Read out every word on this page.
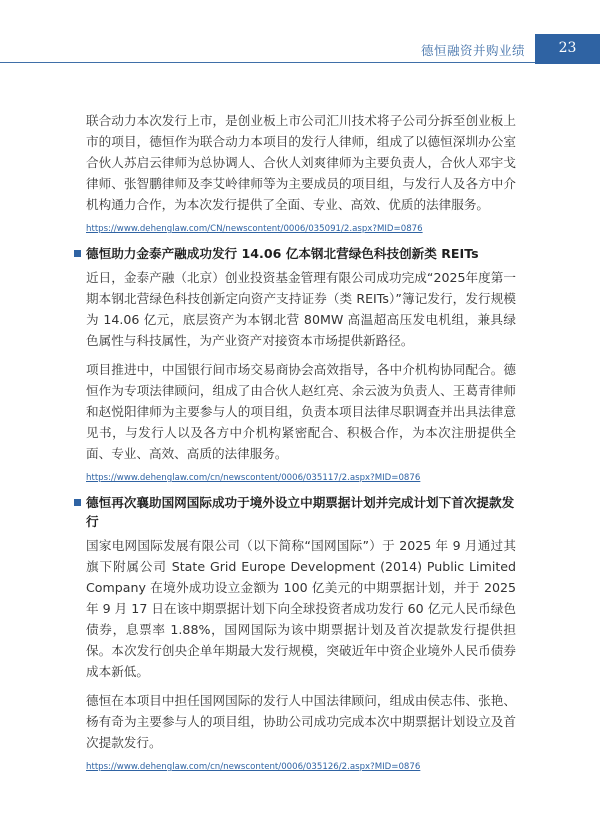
德恒融资并购业绩	23

联合动力本次发行上市，是创业板上市公司汇川技术将子公司分拆至创业板上市的项目，德恒作为联合动力本项目的发行人律师，组成了以德恒深圳办公室合伙人苏启云律师为总协调人、合伙人刘爽律师为主要负责人，合伙人邓宇戈律师、张智鹏律师及李艾岭律师等为主要成员的项目组，与发行人及各方中介机构通力合作，为本次发行提供了全面、专业、高效、优质的法律服务。

https://www.dehenglaw.com/CN/newscontent/0006/035091/2.aspx?MID=0876
德恒助力金泰产融成功发行 14.06 亿本钢北营绿色科技创新类 REITs

近日，金泰产融（北京）创业投资基金管理有限公司成功完成“2025年度第一期本钢北营绿色科技创新定向资产支持证券（类 REITs）”簿记发行，发行规模为 14.06 亿元，底层资产为本钢北营 80MW 高温超高压发电机组，兼具绿色属性与科技属性，为产业资产对接资本市场提供新路径。

项目推进中，中国银行间市场交易商协会高效指导，各中介机构协同配合。德恒作为专项法律顾问，组成了由合伙人赵红亮、余云波为负责人、王葛青律师和赵悦阳律师为主要参与人的项目组，负责本项目法律尽职调查并出具法律意见书，与发行人以及各方中介机构紧密配合、积极合作，为本次注册提供全面、专业、高效、高质的法律服务。

https://www.dehenglaw.com/cn/newscontent/0006/035117/2.aspx?MID=0876
德恒再次襄助国网国际成功于境外设立中期票据计划并完成计划下首次提款发行

国家电网国际发展有限公司（以下简称“国网国际”）于 2025 年 9 月通过其旗下附属公司 State Grid Europe Development (2014) Public Limited Company 在境外成功设立金额为 100 亿美元的中期票据计划，并于 2025 年 9 月 17 日在该中期票据计划下向全球投资者成功发行 60 亿元人民币绿色债券，息票率 1.88%，国网国际为该中期票据计划及首次提款发行提供担保。本次发行创央企单年期最大发行规模，突破近年中资企业境外人民币债券成本新低。

德恒在本项目中担任国网国际的发行人中国法律顾问，组成由侯志伟、张艳、杨有奇为主要参与人的项目组，协助公司成功完成本次中期票据计划设立及首次提款发行。

https://www.dehenglaw.com/cn/newscontent/0006/035126/2.aspx?MID=0876
